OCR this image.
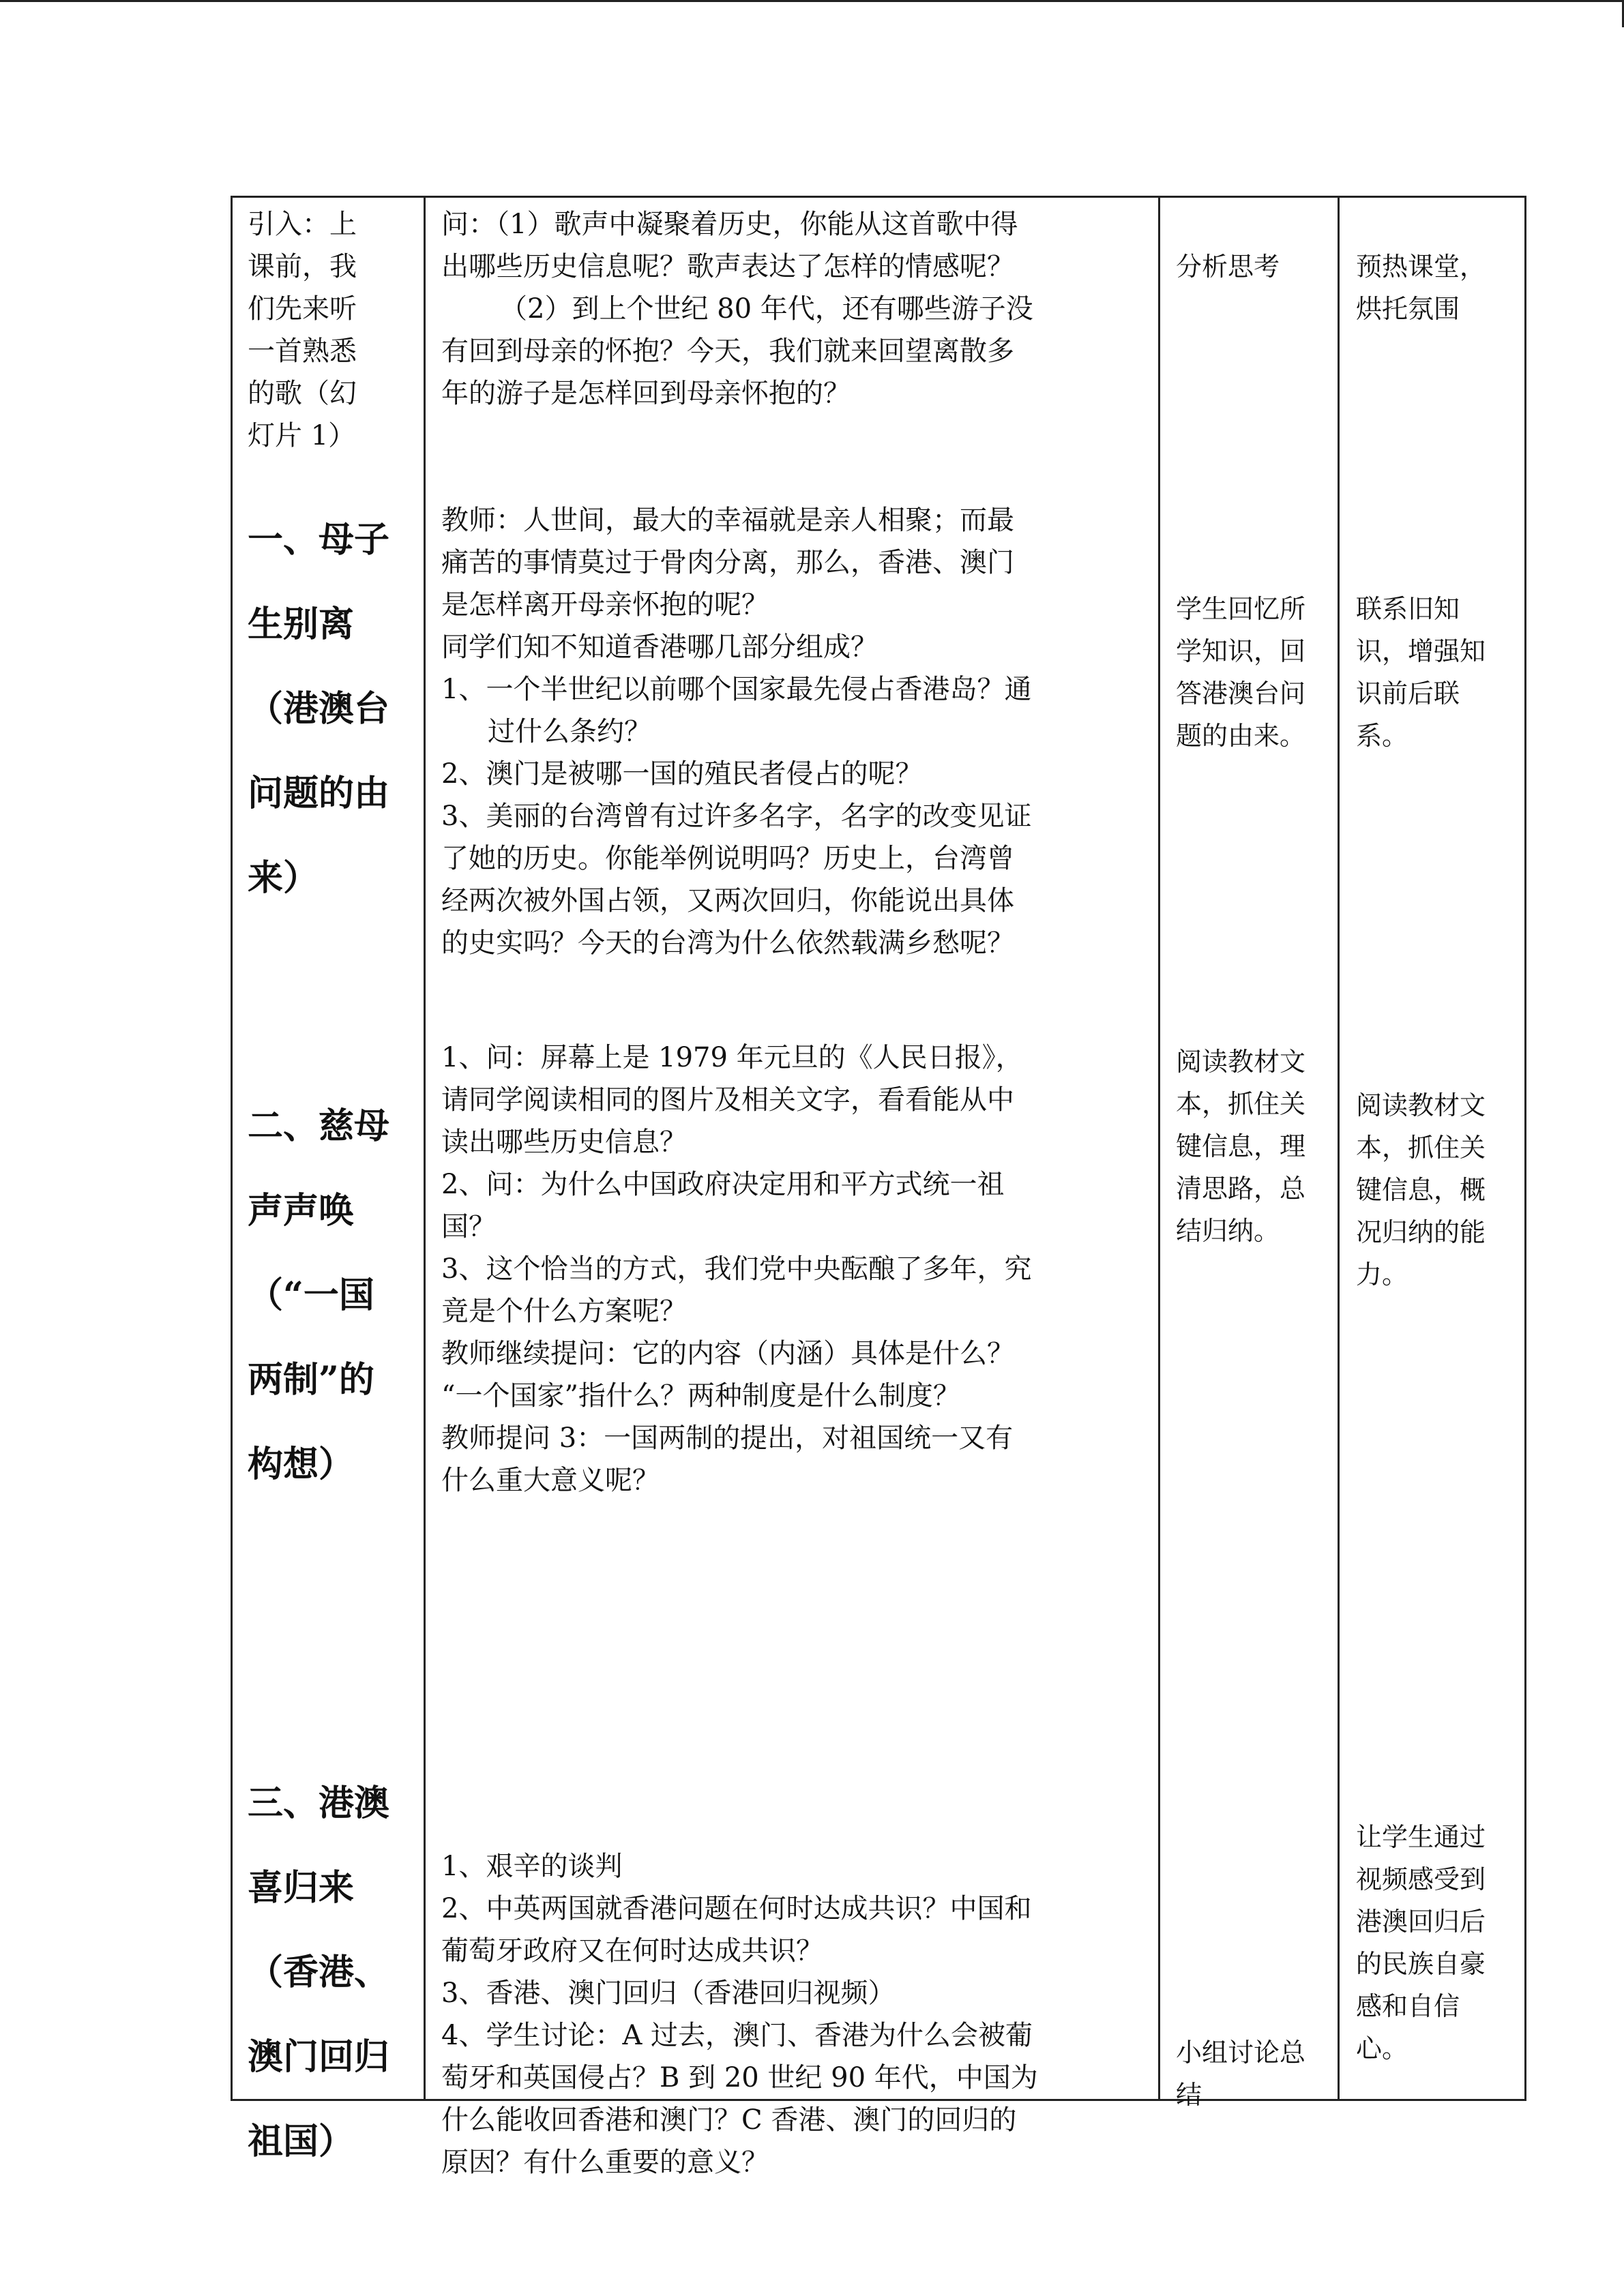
引入：上
课前，我
们先来听
一首熟悉
的歌（幻
灯片 1）
问：（1）歌声中凝聚着历史，你能从这首歌中得
出哪些历史信息呢？歌声表达了怎样的情感呢？
（2）到上个世纪 80 年代，还有哪些游子没
有回到母亲的怀抱？今天，我们就来回望离散多
年的游子是怎样回到母亲怀抱的？
分析思考	预热课堂，
烘托氛围
一、母子
生别离
（港澳台
问题的由
来）
教师：人世间，最大的幸福就是亲人相聚；而最
痛苦的事情莫过于骨肉分离，那么，香港、澳门
是怎样离开母亲怀抱的呢？
同学们知不知道香港哪几部分组成？
1、一个半世纪以前哪个国家最先侵占香港岛？通
过什么条约？
2、澳门是被哪一国的殖民者侵占的呢？
3、美丽的台湾曾有过许多名字，名字的改变见证
了她的历史。你能举例说明吗？历史上，台湾曾
经两次被外国占领，又两次回归，你能说出具体
的史实吗？今天的台湾为什么依然载满乡愁呢？
学生回忆所
学知识，回
答港澳台问
题的由来。
联系旧知
识，增强知
识前后联
系。
二、慈母
声声唤
（“一国
两制”的
构想）
1、问：屏幕上是 1979 年元旦的《人民日报》，
请同学阅读相同的图片及相关文字，看看能从中
读出哪些历史信息？
2、问：为什么中国政府决定用和平方式统一祖
国？
3、这个恰当的方式，我们党中央酝酿了多年，究
竟是个什么方案呢？
教师继续提问：它的内容（内涵）具体是什么？
“一个国家”指什么？两种制度是什么制度？
教师提问 3：一国两制的提出，对祖国统一又有
什么重大意义呢？
阅读教材文
本，抓住关
键信息，理
清思路，总
结归纳。
阅读教材文
本，抓住关
键信息，概
况归纳的能
力。
三、港澳
喜归来
（香港、
澳门回归
祖国）
1、艰辛的谈判
2、中英两国就香港问题在何时达成共识？中国和
葡萄牙政府又在何时达成共识？
3、香港、澳门回归（香港回归视频）
4、学生讨论：A 过去，澳门、香港为什么会被葡
萄牙和英国侵占？B 到 20 世纪 90 年代，中国为
什么能收回香港和澳门？C 香港、澳门的回归的
原因？有什么重要的意义？
小组讨论总
结
让学生通过
视频感受到
港澳回归后
的民族自豪
感和自信
心。
